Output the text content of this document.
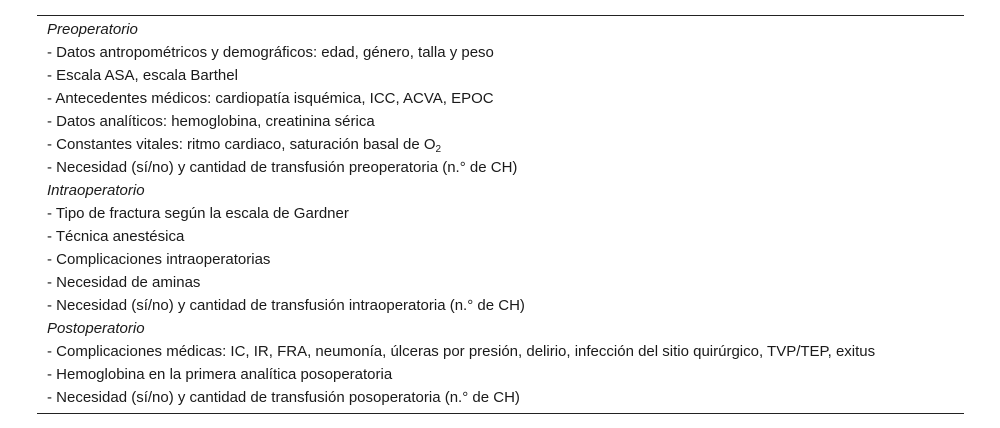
Preoperatorio
- Datos antropométricos y demográficos: edad, género, talla y peso
- Escala ASA, escala Barthel
- Antecedentes médicos: cardiopatía isquémica, ICC, ACVA, EPOC
- Datos analíticos: hemoglobina, creatinina sérica
- Constantes vitales: ritmo cardiaco, saturación basal de $O_2$
- Necesidad (sí/no) y cantidad de transfusión preoperatoria (n.° de CH)
Intraoperatorio
- Tipo de fractura según la escala de Gardner
- Técnica anestésica
- Complicaciones intraoperatorias
- Necesidad de aminas
- Necesidad (sí/no) y cantidad de transfusión intraoperatoria (n.° de CH)
Postoperatorio
- Complicaciones médicas: IC, IR, FRA, neumonía, úlceras por presión, delirio, infección del sitio quirúrgico, TVP/TEP, exitus
- Hemoglobina en la primera analítica posoperatoria
- Necesidad (sí/no) y cantidad de transfusión posoperatoria (n.° de CH)
